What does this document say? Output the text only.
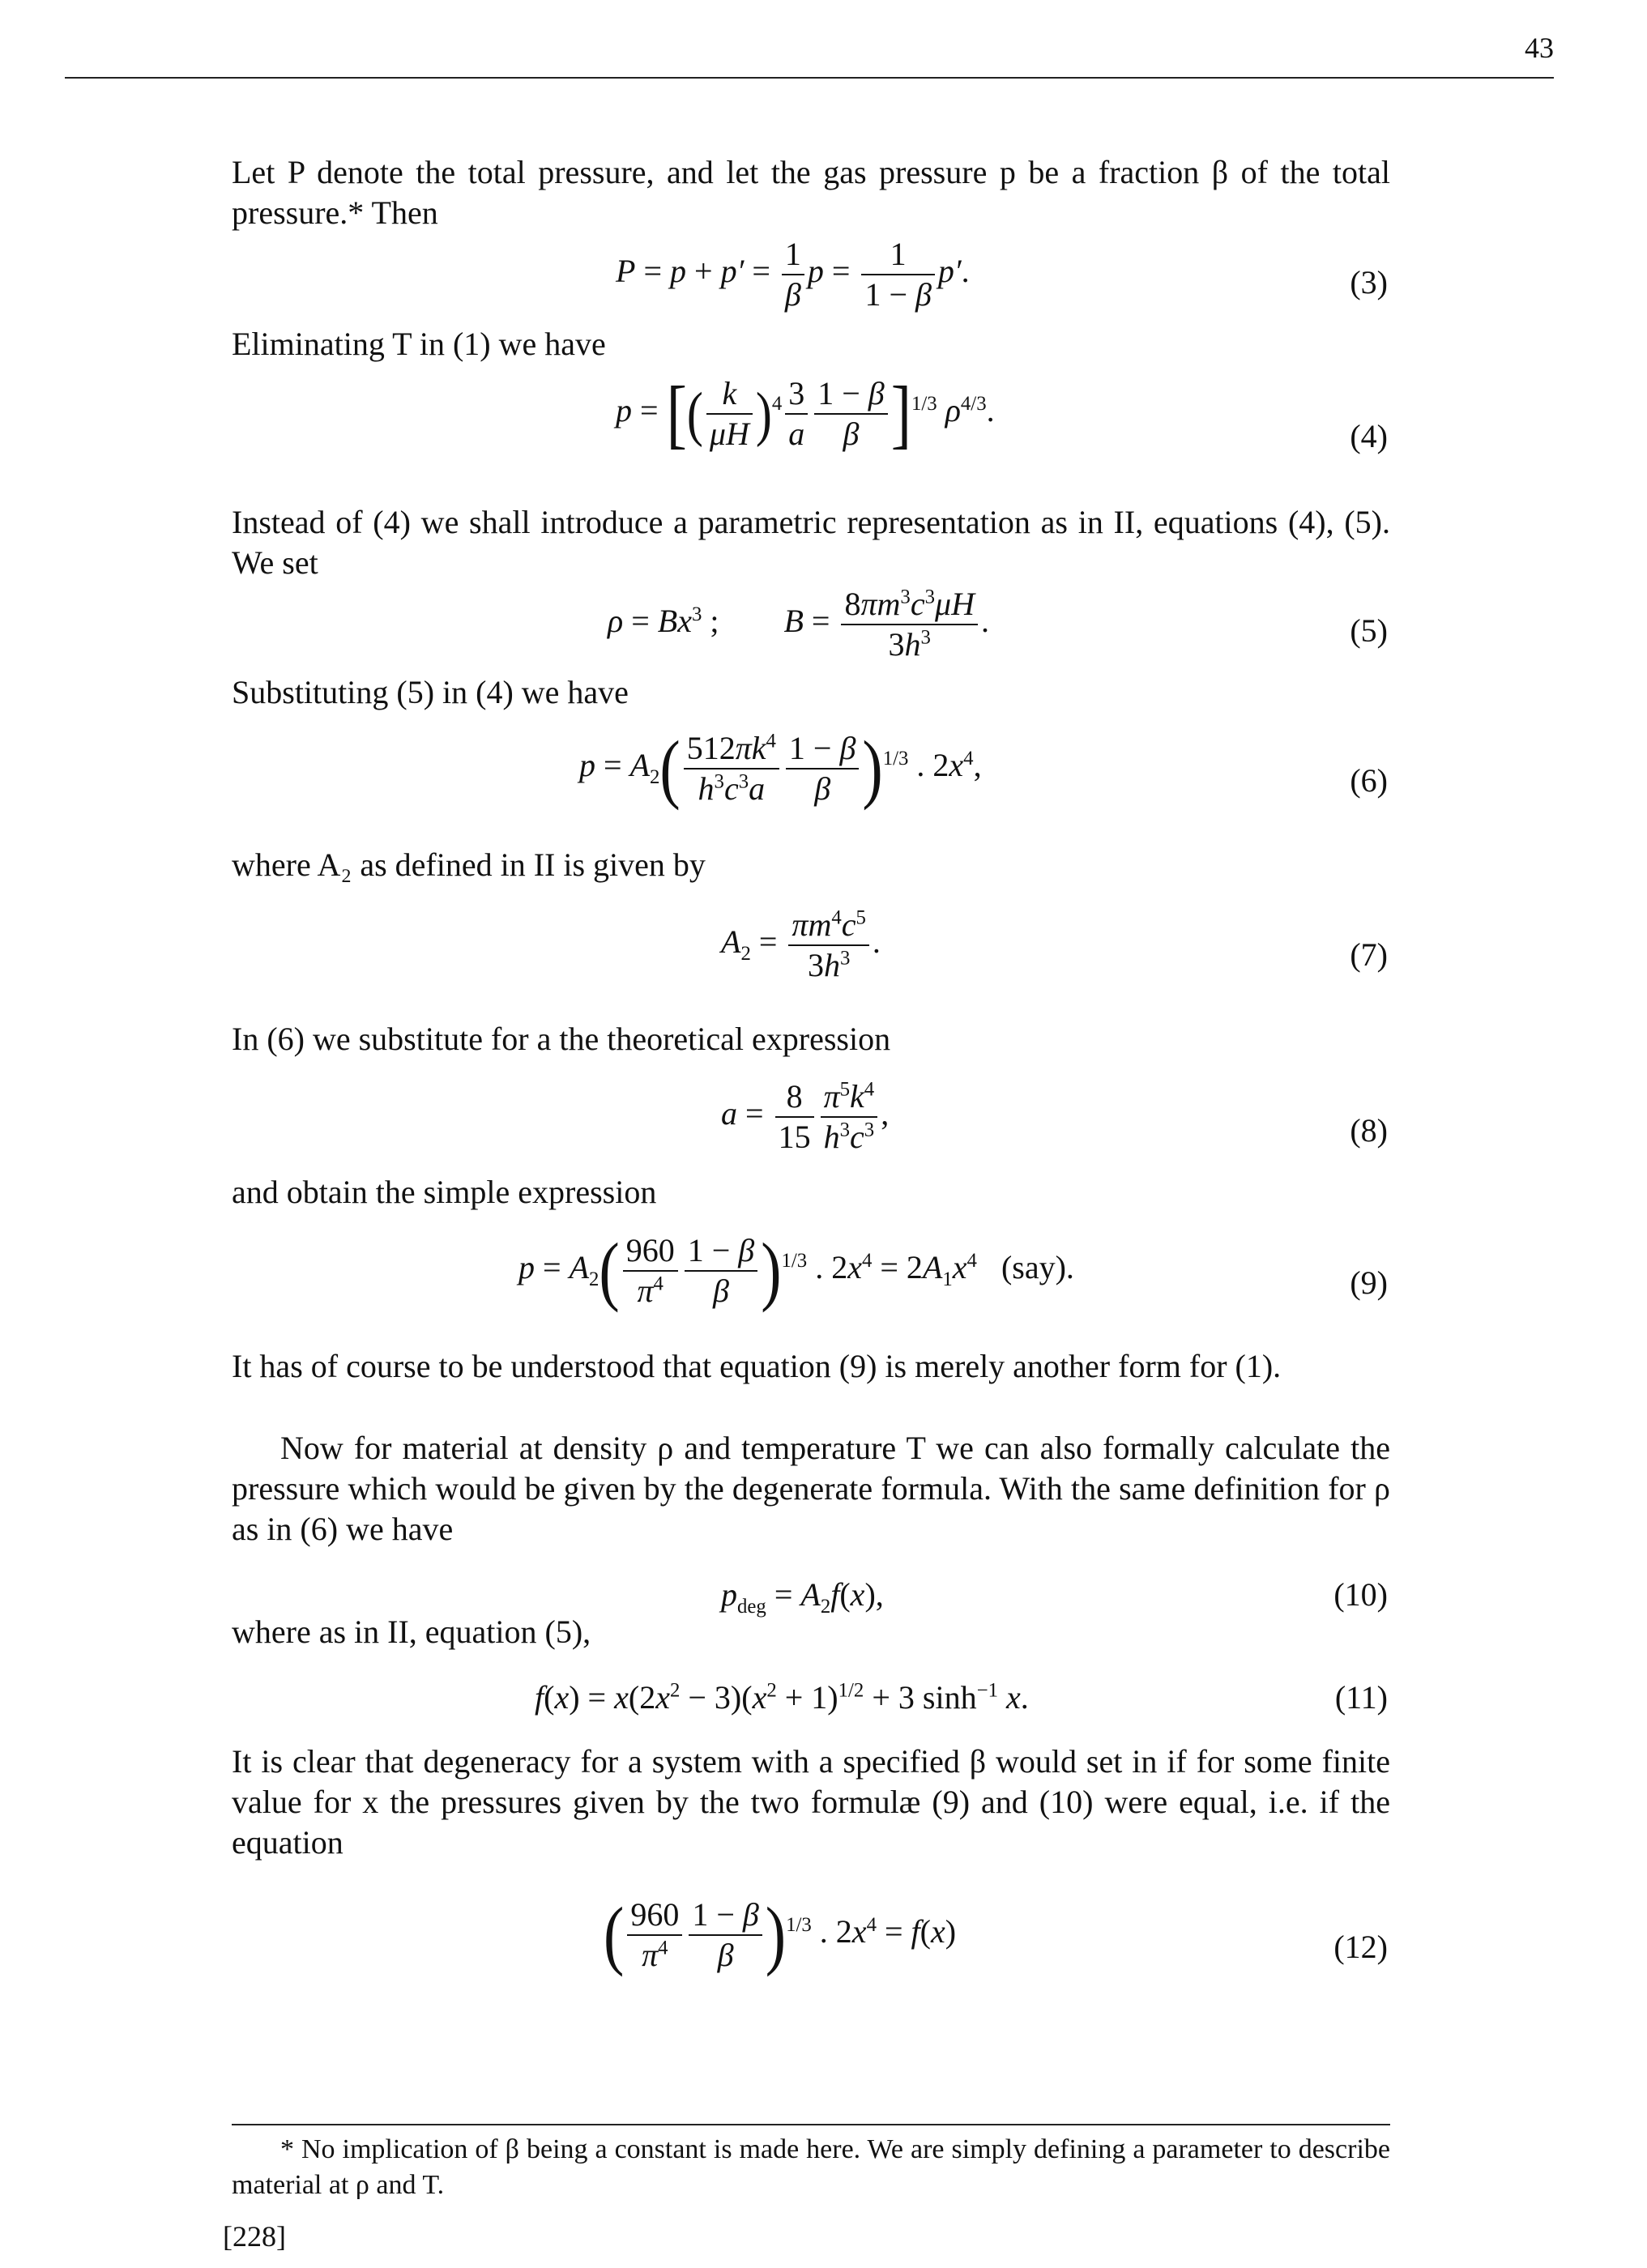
43
Let P denote the total pressure, and let the gas pressure p be a fraction β of the total pressure.* Then
$P = p + p' = \frac{1}{\beta}$ $p = \frac{1}{1 - \beta} p'$.	(3)
Eliminating T in (1) we have
p = [( $\frac{k}{\mu H} )^4 \frac{3}{a} \frac{1 - \beta}{\beta} ]^{1/3}$ $\rho^{4/3}$.
(4)
Instead of (4) we shall introduce a parametric representation as in II, equations (4), (5). We set
$\rho = Bx^3$ ;        $B = \frac{8\pi m^3c^3\mu H}{3h^3}$ .	(5)
Substituting (5) in (4) we have
$p = A_2( \frac{512\pi k^4}{h^3c^3a} \frac{1 - \beta}{\beta} )^{1/3}$ . $2x^4$,	(6)
where A₂ as defined in II is given by
$A_2 = \frac{\pi m^4c^5}{3h^3}$ .	(7)
In (6) we substitute for a the theoretical expression
$a = \frac{8}{15} \frac{\pi^5k^4}{h^3c^3}$ ,	(8)
and obtain the simple expression
$p = A_2( \frac{960}{\pi^4} \frac{1 - \beta}{\beta} )^{1/3}$ . $2x^4 = 2A_1x^4$   (say).	(9)
It has of course to be understood that equation (9) is merely another form for (1).
Now for material at density ρ and temperature T we can also formally calculate the pressure which would be given by the degenerate formula. With the same definition for ρ as in (6) we have
$p_{deg} = A_2f(x)$,	(10)
where as in II, equation (5),
$f(x) = x(2x^2 - 3)(x^2 + 1)^{1/2} + 3$ $\sinh^{-1} x$.	(11)
It is clear that degeneracy for a system with a specified β would set in if for some finite value for x the pressures given by the two formulæ (9) and (10) were equal, i.e. if the equation
( $\frac{960}{\pi^4} \frac{1 - \beta}{\beta} )^{1/3}$ . $2x^4 = f(x)$	(12)
* No implication of β being a constant is made here. We are simply defining a parameter to describe material at ρ and T.
[228]
